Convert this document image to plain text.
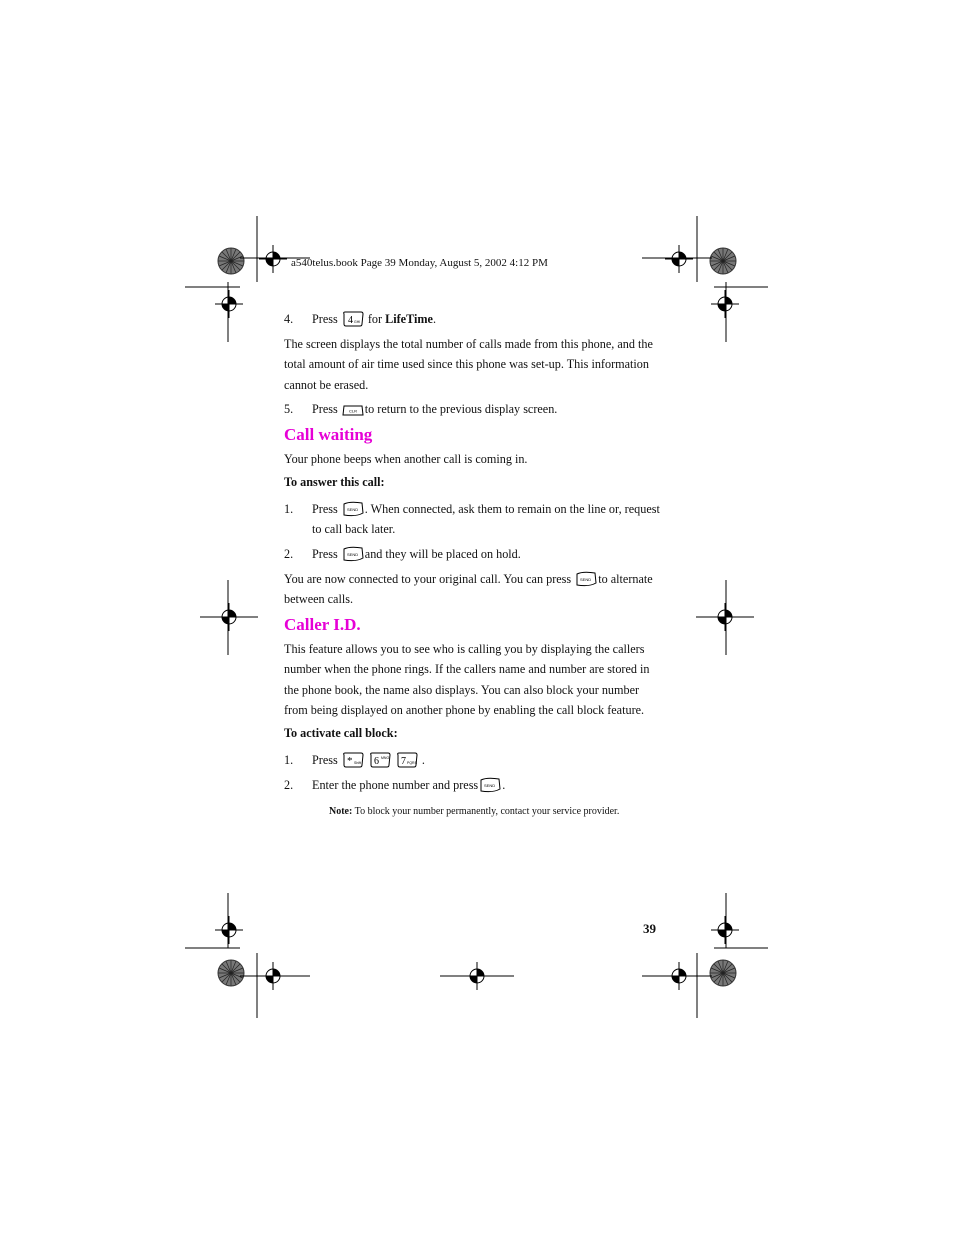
a540telus.book Page 39 Monday, August 5, 2002 4:12 PM
4. Press 4 GHI for LifeTime.
The screen displays the total number of calls made from this phone, and the total amount of air time used since this phone was set-up. This information cannot be erased.
5. Press	CLR to return to the previous display screen.
Call waiting
Your phone beeps when another call is coming in.
To answer this call:
1. Press SEND . When connected, ask them to remain on the line or, request to call back later.
2. Press SEND and they will be placed on hold.
You are now connected to your original call. You can press SEND to alternate between calls.
Caller I.D.
This feature allows you to see who is calling you by displaying the callers number when the phone rings. If the callers name and number are stored in the phone book, the name also displays. You can also block your number from being displayed on another phone by enabling the call block feature.
To activate call block:
1. Press * Shift
6 MNO
7 PQRS .
2. Enter the phone number and press SEND .
Note: To block your number permanently, contact your service provider.
39
